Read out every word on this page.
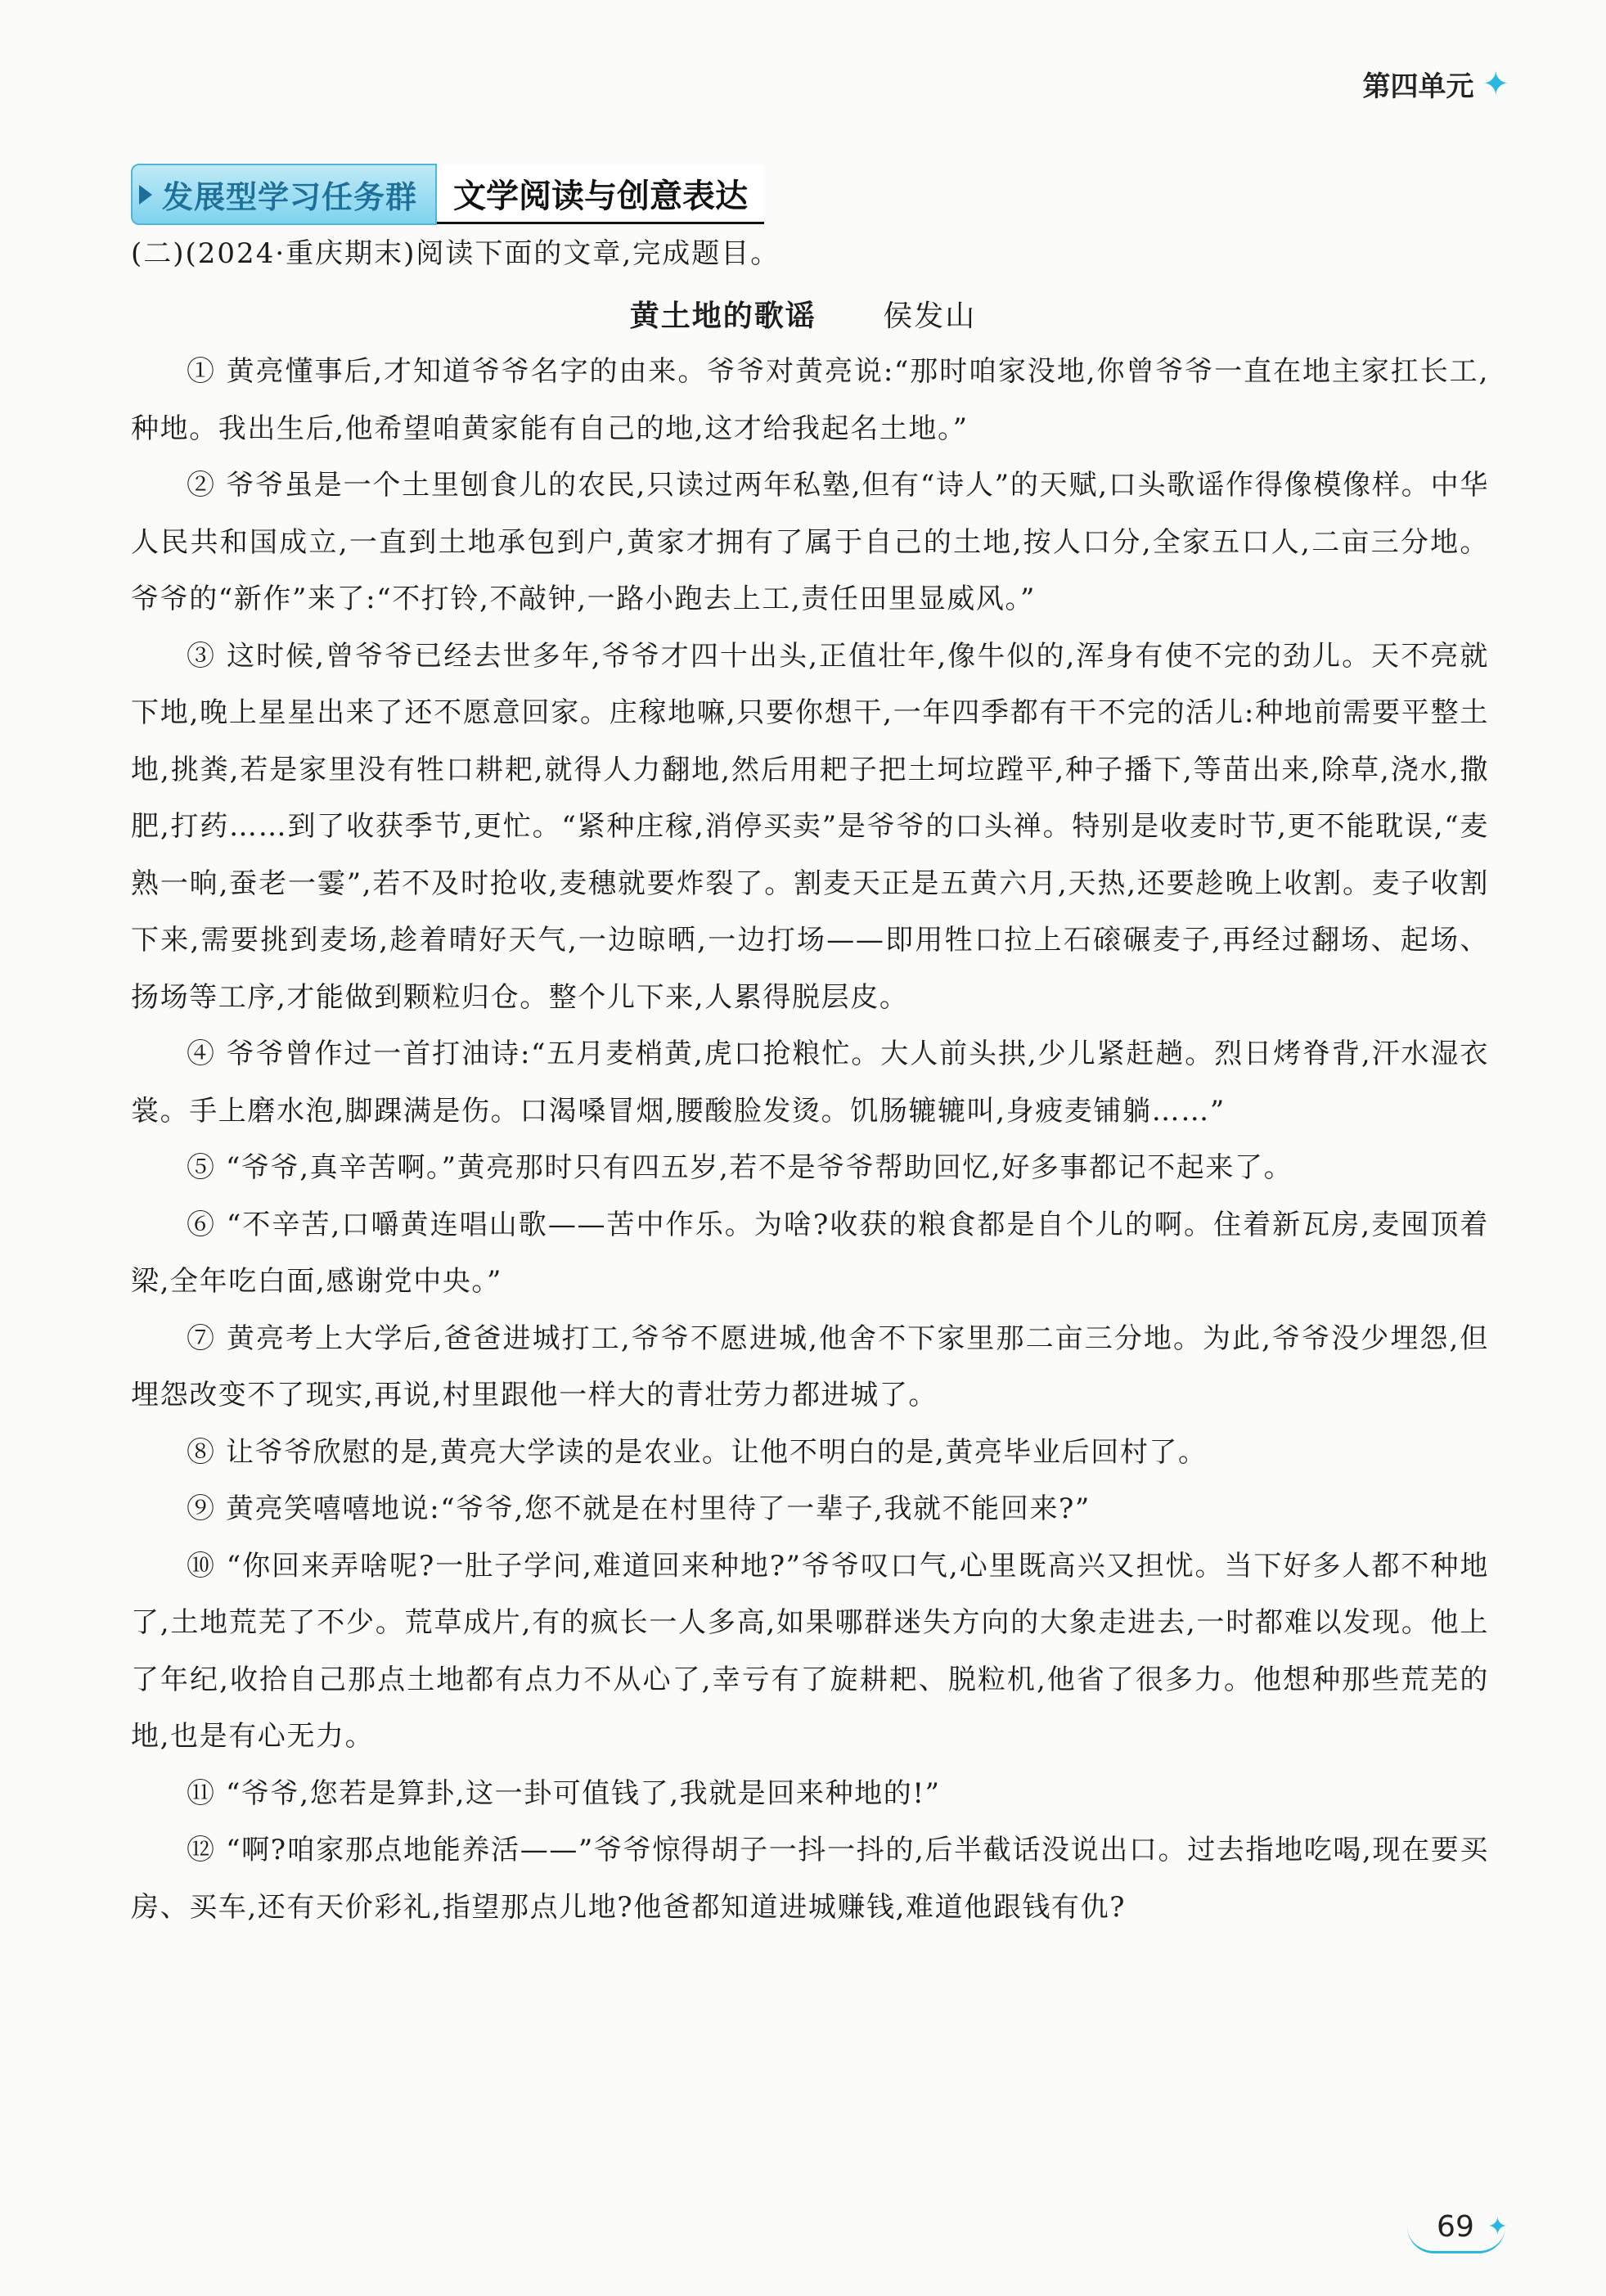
第四单元 ✦
发展型学习任务群	文学阅读与创意表达
(二)(2024·重庆期末)阅读下面的文章,完成题目。
黄土地的歌谣 侯发山

① 黄亮懂事后,才知道爷爷名字的由来。爷爷对黄亮说:“那时咱家没地,你曾爷爷一直在地主家扛长工,种地。我出生后,他希望咱黄家能有自己的地,这才给我起名土地。”

② 爷爷虽是一个土里刨食儿的农民,只读过两年私塾,但有“诗人”的天赋,口头歌谣作得像模像样。中华人民共和国成立,一直到土地承包到户,黄家才拥有了属于自己的土地,按人口分,全家五口人,二亩三分地。爷爷的“新作”来了:“不打铃,不敲钟,一路小跑去上工,责任田里显威风。”

③ 这时候,曾爷爷已经去世多年,爷爷才四十出头,正值壮年,像牛似的,浑身有使不完的劲儿。天不亮就下地,晚上星星出来了还不愿意回家。庄稼地嘛,只要你想干,一年四季都有干不完的活儿:种地前需要平整土地,挑粪,若是家里没有牲口耕耙,就得人力翻地,然后用耙子把土坷垃蹚平,种子播下,等苗出来,除草,浇水,撒肥,打药……到了收获季节,更忙。“紧种庄稼,消停买卖”是爷爷的口头禅。特别是收麦时节,更不能耽误,“麦熟一晌,蚕老一霎”,若不及时抢收,麦穗就要炸裂了。割麦天正是五黄六月,天热,还要趁晚上收割。麦子收割下来,需要挑到麦场,趁着晴好天气,一边晾晒,一边打场——即用牲口拉上石磙碾麦子,再经过翻场、起场、扬场等工序,才能做到颗粒归仓。整个儿下来,人累得脱层皮。

④ 爷爷曾作过一首打油诗:“五月麦梢黄,虎口抢粮忙。大人前头拱,少儿紧赶趟。烈日烤脊背,汗水湿衣裳。手上磨水泡,脚踝满是伤。口渴嗓冒烟,腰酸脸发烫。饥肠辘辘叫,身疲麦铺躺……”

⑤ “爷爷,真辛苦啊。”黄亮那时只有四五岁,若不是爷爷帮助回忆,好多事都记不起来了。

⑥ “不辛苦,口嚼黄连唱山歌——苦中作乐。为啥?收获的粮食都是自个儿的啊。住着新瓦房,麦囤顶着梁,全年吃白面,感谢党中央。”

⑦ 黄亮考上大学后,爸爸进城打工,爷爷不愿进城,他舍不下家里那二亩三分地。为此,爷爷没少埋怨,但埋怨改变不了现实,再说,村里跟他一样大的青壮劳力都进城了。

⑧ 让爷爷欣慰的是,黄亮大学读的是农业。让他不明白的是,黄亮毕业后回村了。

⑨ 黄亮笑嘻嘻地说:“爷爷,您不就是在村里待了一辈子,我就不能回来?”

⑩ “你回来弄啥呢?一肚子学问,难道回来种地?”爷爷叹口气,心里既高兴又担忧。当下好多人都不种地了,土地荒芜了不少。荒草成片,有的疯长一人多高,如果哪群迷失方向的大象走进去,一时都难以发现。他上了年纪,收拾自己那点土地都有点力不从心了,幸亏有了旋耕耙、脱粒机,他省了很多力。他想种那些荒芜的地,也是有心无力。

⑪ “爷爷,您若是算卦,这一卦可值钱了,我就是回来种地的!”

⑫ “啊?咱家那点地能养活——”爷爷惊得胡子一抖一抖的,后半截话没说出口。过去指地吃喝,现在要买房、买车,还有天价彩礼,指望那点儿地?他爸都知道进城赚钱,难道他跟钱有仇?

69 ✦
